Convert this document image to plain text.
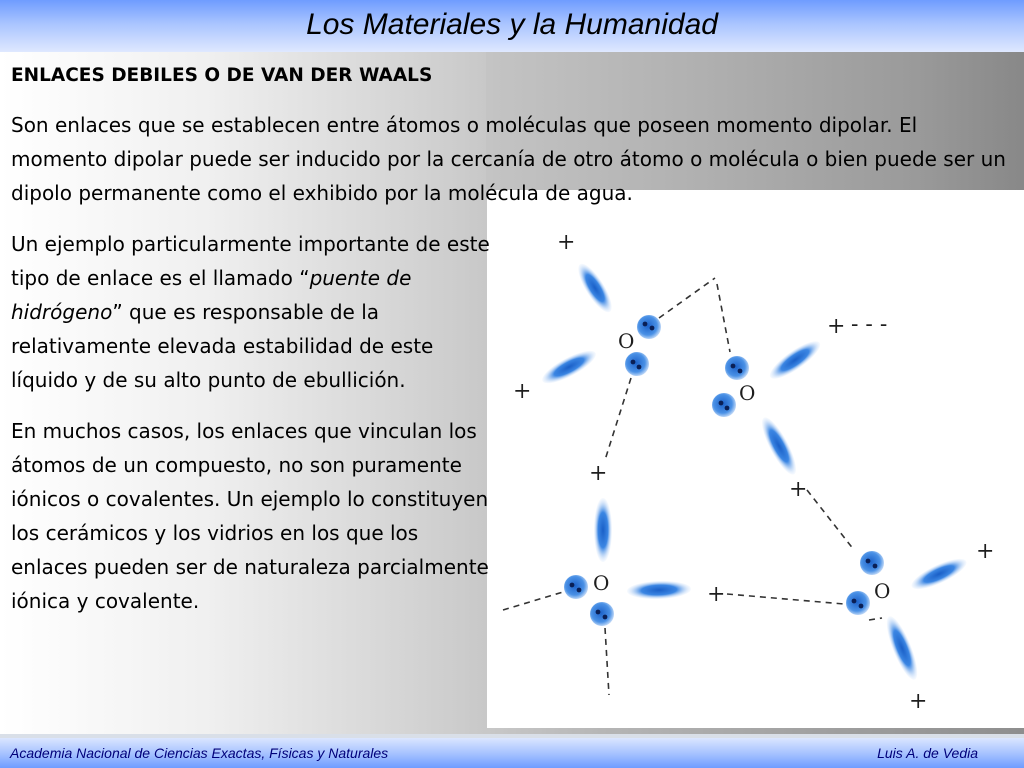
Los Materiales y la Humanidad
O
+
+	O
+ - - -
+
O
+
+	O
+
+
ENLACES DEBILES O DE VAN DER WAALS

Son enlaces que se establecen entre átomos o moléculas que poseen momento dipolar. El momento dipolar puede ser inducido por la cercanía de otro átomo o molécula o bien puede ser un dipolo permanente como el exhibido por la molécula de agua.

Un ejemplo particularmente importante de este tipo de enlace es el llamado “puente de hidrógeno” que es responsable de la relativamente elevada estabilidad de este líquido y de su alto punto de ebullición.

En muchos casos, los enlaces que vinculan los átomos de un compuesto, no son puramente iónicos o covalentes. Un ejemplo lo constituyen los cerámicos y los vidrios en los que los enlaces pueden ser de naturaleza parcialmente iónica y covalente.

Academia Nacional de Ciencias Exactas, Físicas y Naturales	Luis A. de Vedia
